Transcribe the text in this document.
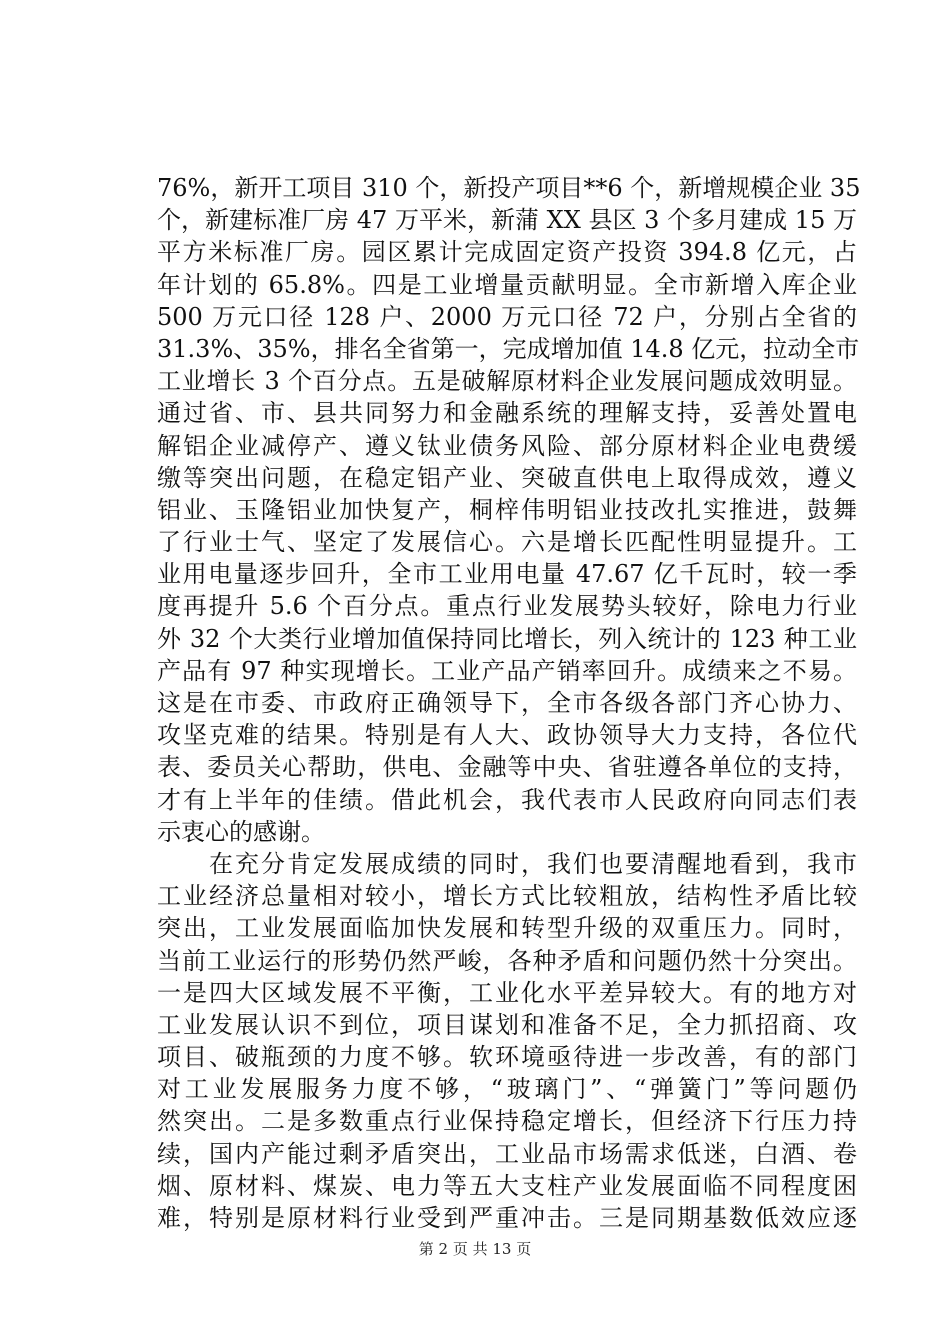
76%，新开工项目 310 个，新投产项目**6 个，新增规模企业 35
个，新建标准厂房 47 万平米，新蒲 XX 县区 3 个多月建成 15 万
平方米标准厂房。园区累计完成固定资产投资 394.8 亿元，占
年计划的 65.8%。四是工业增量贡献明显。全市新增入库企业
500 万元口径 128 户、2000 万元口径 72 户，分别占全省的
31.3%、35%，排名全省第一，完成增加值 14.8 亿元，拉动全市
工业增长 3 个百分点。五是破解原材料企业发展问题成效明显。
通过省、市、县共同努力和金融系统的理解支持，妥善处置电
解铝企业减停产、遵义钛业债务风险、部分原材料企业电费缓
缴等突出问题，在稳定铝产业、突破直供电上取得成效，遵义
铝业、玉隆铝业加快复产，桐梓伟明铝业技改扎实推进，鼓舞
了行业士气、坚定了发展信心。六是增长匹配性明显提升。工
业用电量逐步回升，全市工业用电量 47.67 亿千瓦时，较一季
度再提升 5.6 个百分点。重点行业发展势头较好，除电力行业
外 32 个大类行业增加值保持同比增长，列入统计的 123 种工业
产品有 97 种实现增长。工业产品产销率回升。成绩来之不易。
这是在市委、市政府正确领导下，全市各级各部门齐心协力、
攻坚克难的结果。特别是有人大、政协领导大力支持，各位代
表、委员关心帮助，供电、金融等中央、省驻遵各单位的支持，
才有上半年的佳绩。借此机会，我代表市人民政府向同志们表
示衷心的感谢。
　　在充分肯定发展成绩的同时，我们也要清醒地看到，我市
工业经济总量相对较小，增长方式比较粗放，结构性矛盾比较
突出，工业发展面临加快发展和转型升级的双重压力。同时，
当前工业运行的形势仍然严峻，各种矛盾和问题仍然十分突出。
一是四大区域发展不平衡，工业化水平差异较大。有的地方对
工业发展认识不到位，项目谋划和准备不足，全力抓招商、攻
项目、破瓶颈的力度不够。软环境亟待进一步改善，有的部门
对工业发展服务力度不够，“玻璃门”、“弹簧门”等问题仍
然突出。二是多数重点行业保持稳定增长，但经济下行压力持
续，国内产能过剩矛盾突出，工业品市场需求低迷，白酒、卷
烟、原材料、煤炭、电力等五大支柱产业发展面临不同程度困
难，特别是原材料行业受到严重冲击。三是同期基数低效应逐
第 2 页 共 13 页
